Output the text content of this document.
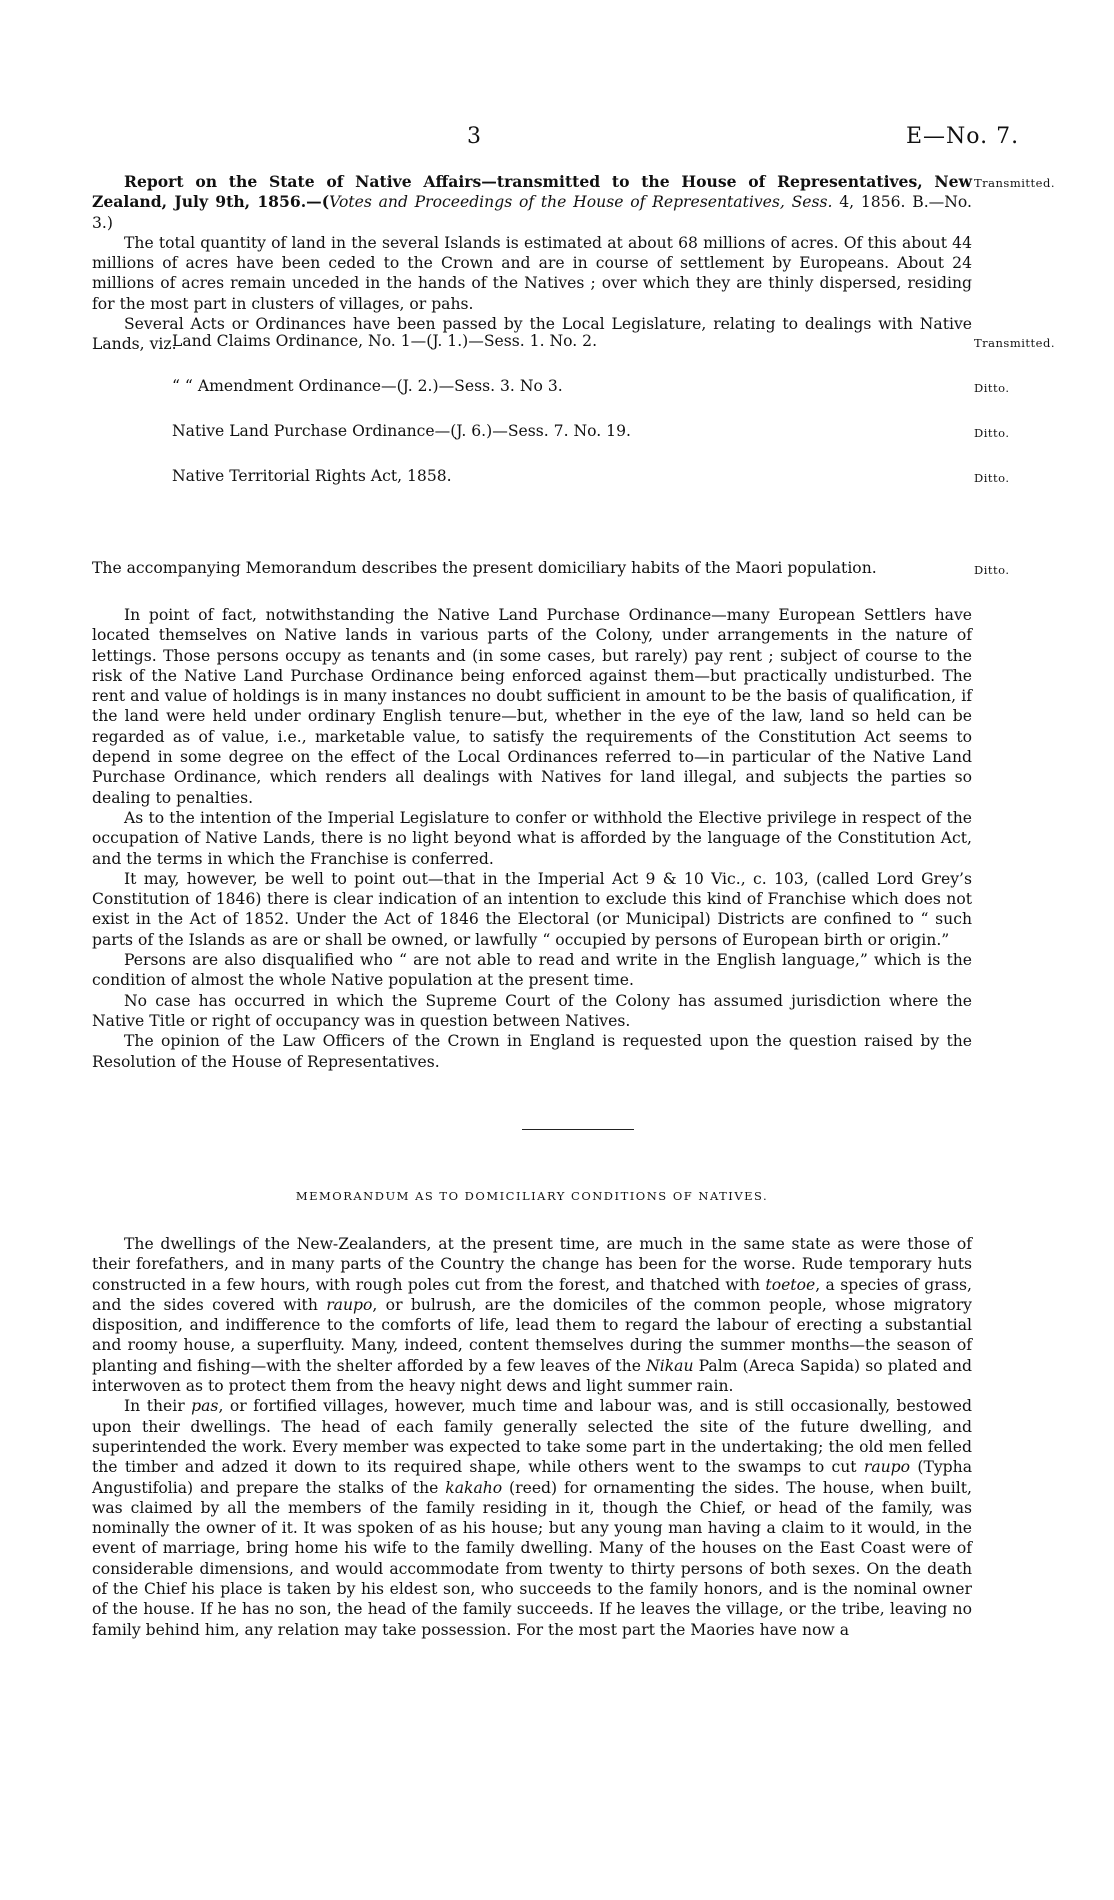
3	E—No. 7.

Report on the State of Native Affairs—transmitted to the House of Representatives, New Zealand, July 9th, 1856.—(Votes and Proceedings of the House of Representatives, Sess. 4, 1856. B.—No. 3.)

The total quantity of land in the several Islands is estimated at about 68 millions of acres. Of this about 44 millions of acres have been ceded to the Crown and are in course of settlement by Europeans. About 24 millions of acres remain unceded in the hands of the Natives ; over which they are thinly dispersed, residing for the most part in clusters of villages, or pahs.

Several Acts or Ordinances have been passed by the Local Legislature, relating to dealings with Native Lands, viz.

Transmitted.
Land Claims Ordinance, No. 1—(J. 1.)—Sess. 1. No. 2.
“ “ Amendment Ordinance—(J. 2.)—Sess. 3. No 3.
Native Land Purchase Ordinance—(J. 6.)—Sess. 7. No. 19.
Native Territorial Rights Act, 1858.
Transmitted.
Ditto.
Ditto.
Ditto.
The accompanying Memorandum describes the present domiciliary habits of the Maori population.	Ditto.

In point of fact, notwithstanding the Native Land Purchase Ordinance—many European Settlers have located themselves on Native lands in various parts of the Colony, under arrangements in the nature of lettings. Those persons occupy as tenants and (in some cases, but rarely) pay rent ; subject of course to the risk of the Native Land Purchase Ordinance being enforced against them—but practically undisturbed. The rent and value of holdings is in many instances no doubt sufficient in amount to be the basis of qualification, if the land were held under ordinary English tenure—but, whether in the eye of the law, land so held can be regarded as of value, i.e., marketable value, to satisfy the requirements of the Constitution Act seems to depend in some degree on the effect of the Local Ordinances referred to—in particular of the Native Land Purchase Ordinance, which renders all dealings with Natives for land illegal, and subjects the parties so dealing to penalties.

As to the intention of the Imperial Legislature to confer or withhold the Elective privilege in respect of the occupation of Native Lands, there is no light beyond what is afforded by the language of the Constitution Act, and the terms in which the Franchise is conferred.

It may, however, be well to point out—that in the Imperial Act 9 & 10 Vic., c. 103, (called Lord Grey’s Constitution of 1846) there is clear indication of an intention to exclude this kind of Franchise which does not exist in the Act of 1852. Under the Act of 1846 the Electoral (or Municipal) Districts are confined to “ such parts of the Islands as are or shall be owned, or lawfully “ occupied by persons of European birth or origin.”

Persons are also disqualified who “ are not able to read and write in the English language,” which is the condition of almost the whole Native population at the present time.

No case has occurred in which the Supreme Court of the Colony has assumed jurisdiction where the Native Title or right of occupancy was in question between Natives.

The opinion of the Law Officers of the Crown in England is requested upon the question raised by the Resolution of the House of Representatives.

MEMORANDUM AS TO DOMICILIARY CONDITIONS OF NATIVES.

The dwellings of the New-Zealanders, at the present time, are much in the same state as were those of their forefathers, and in many parts of the Country the change has been for the worse. Rude temporary huts constructed in a few hours, with rough poles cut from the forest, and thatched with toetoe, a species of grass, and the sides covered with raupo, or bulrush, are the domiciles of the common people, whose migratory disposition, and indifference to the comforts of life, lead them to regard the labour of erecting a substantial and roomy house, a superfluity. Many, indeed, content themselves during the summer months—the season of planting and fishing—with the shelter afforded by a few leaves of the Nikau Palm (Areca Sapida) so plated and interwoven as to protect them from the heavy night dews and light summer rain.

In their pas, or fortified villages, however, much time and labour was, and is still occasionally, bestowed upon their dwellings. The head of each family generally selected the site of the future dwelling, and superintended the work. Every member was expected to take some part in the undertaking; the old men felled the timber and adzed it down to its required shape, while others went to the swamps to cut raupo (Typha Angustifolia) and prepare the stalks of the kakaho (reed) for ornamenting the sides. The house, when built, was claimed by all the members of the family residing in it, though the Chief, or head of the family, was nominally the owner of it. It was spoken of as his house; but any young man having a claim to it would, in the event of marriage, bring home his wife to the family dwelling. Many of the houses on the East Coast were of considerable dimensions, and would accommodate from twenty to thirty persons of both sexes. On the death of the Chief his place is taken by his eldest son, who succeeds to the family honors, and is the nominal owner of the house. If he has no son, the head of the family succeeds. If he leaves the village, or the tribe, leaving no family behind him, any relation may take possession. For the most part the Maories have now a
